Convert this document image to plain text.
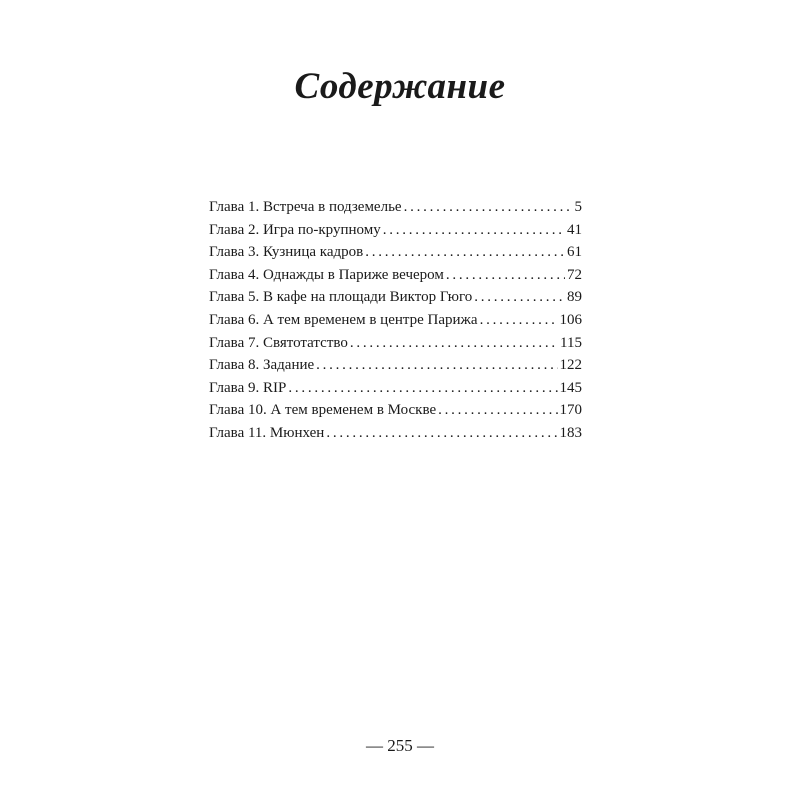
Содержание
Глава 1. Встреча в подземелье . . .	5
Глава 2. Игра по-крупному . . .	41
Глава 3. Кузница кадров . . .	61
Глава 4. Однажды в Париже вечером . . .	72
Глава 5. В кафе на площади Виктор Гюго . . .	89
Глава 6. А тем временем в центре Парижа . . .	106
Глава 7. Святотатство . . .	115
Глава 8. Задание . . .	122
Глава 9. RIP . . .	145
Глава 10. А тем временем в Москве . . .	170
Глава 11. Мюнхен . . .	183
— 255 —
